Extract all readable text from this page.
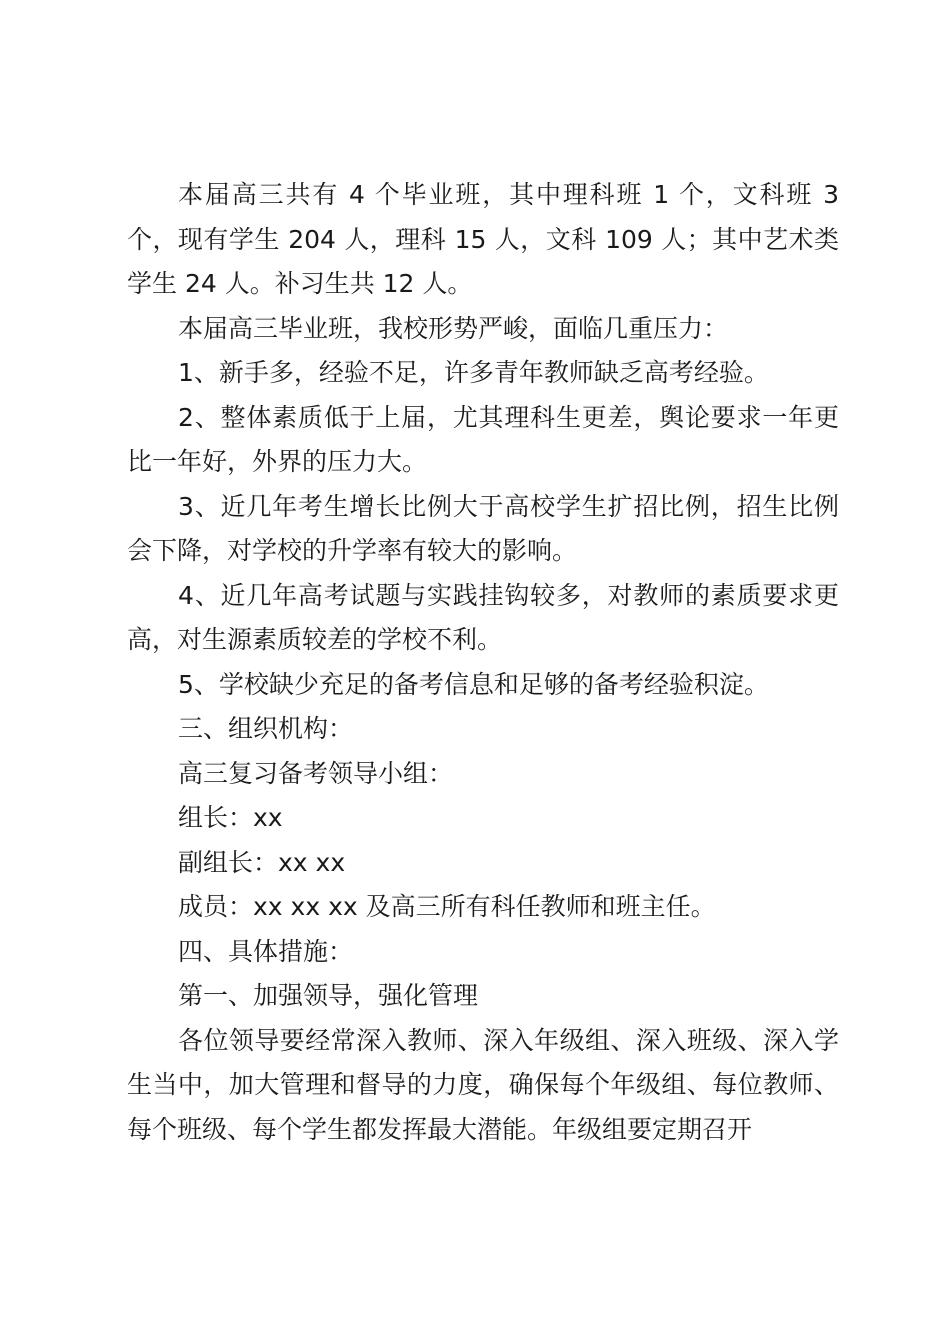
本届高三共有 4 个毕业班，其中理科班 1 个，文科班 3 个，现有学生 204 人，理科 15 人，文科 109 人；其中艺术类学生 24 人。补习生共 12 人。

本届高三毕业班，我校形势严峻，面临几重压力：

1、新手多，经验不足，许多青年教师缺乏高考经验。

2、整体素质低于上届，尤其理科生更差，舆论要求一年更比一年好，外界的压力大。

3、近几年考生增长比例大于高校学生扩招比例，招生比例会下降，对学校的升学率有较大的影响。

4、近几年高考试题与实践挂钩较多，对教师的素质要求更高，对生源素质较差的学校不利。

5、学校缺少充足的备考信息和足够的备考经验积淀。

三、组织机构：

高三复习备考领导小组：

组长：xx

副组长：xx xx

成员：xx xx xx 及高三所有科任教师和班主任。

四、具体措施：

第一、加强领导，强化管理

各位领导要经常深入教师、深入年级组、深入班级、深入学生当中，加大管理和督导的力度，确保每个年级组、每位教师、每个班级、每个学生都发挥最大潜能。年级组要定期召开
